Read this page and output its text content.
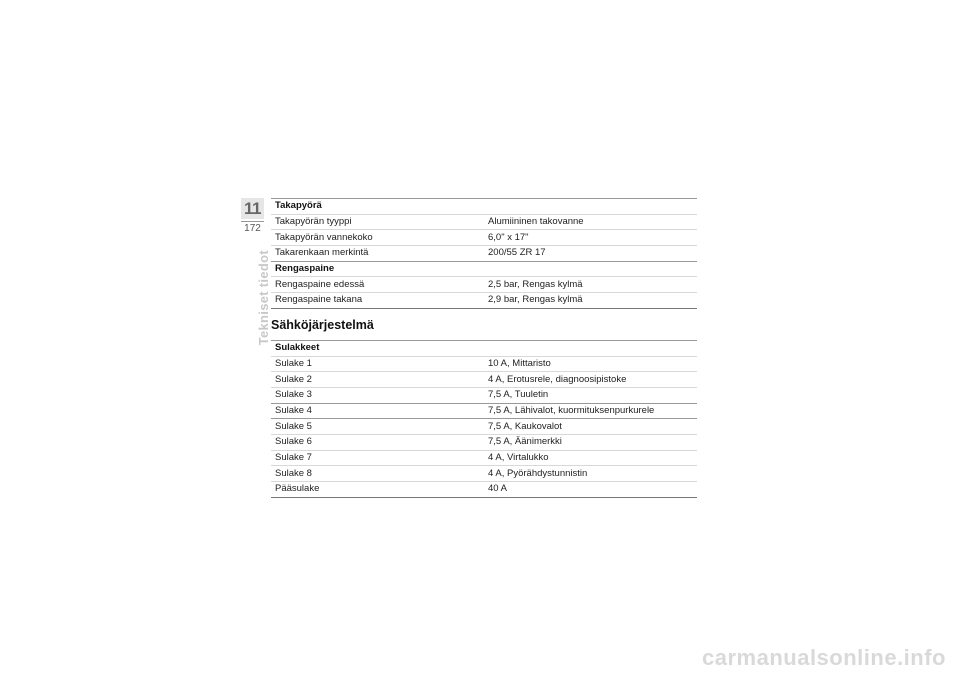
11
172
Tekniset tiedot
Takapyörä	
Takapyörän tyyppi	Alumiininen takovanne
Takapyörän vannekoko	6,0" x 17"
Takarenkaan merkintä	200/55 ZR 17
Rengaspaine	
Rengaspaine edessä	2,5 bar, Rengas kylmä
Rengaspaine takana	2,9 bar, Rengas kylmä
Sähköjärjestelmä
Sulakkeet	
Sulake 1	10 A, Mittaristo
Sulake 2	4 A, Erotusrele, diagnoosipistoke
Sulake 3	7,5 A, Tuuletin
Sulake 4	7,5 A, Lähivalot, kuormituksenpurkurele
Sulake 5	7,5 A, Kaukovalot
Sulake 6	7,5 A, Äänimerkki
Sulake 7	4 A, Virtalukko
Sulake 8	4 A, Pyörähdystunnistin
Pääsulake	40 A
carmanualsonline.info
